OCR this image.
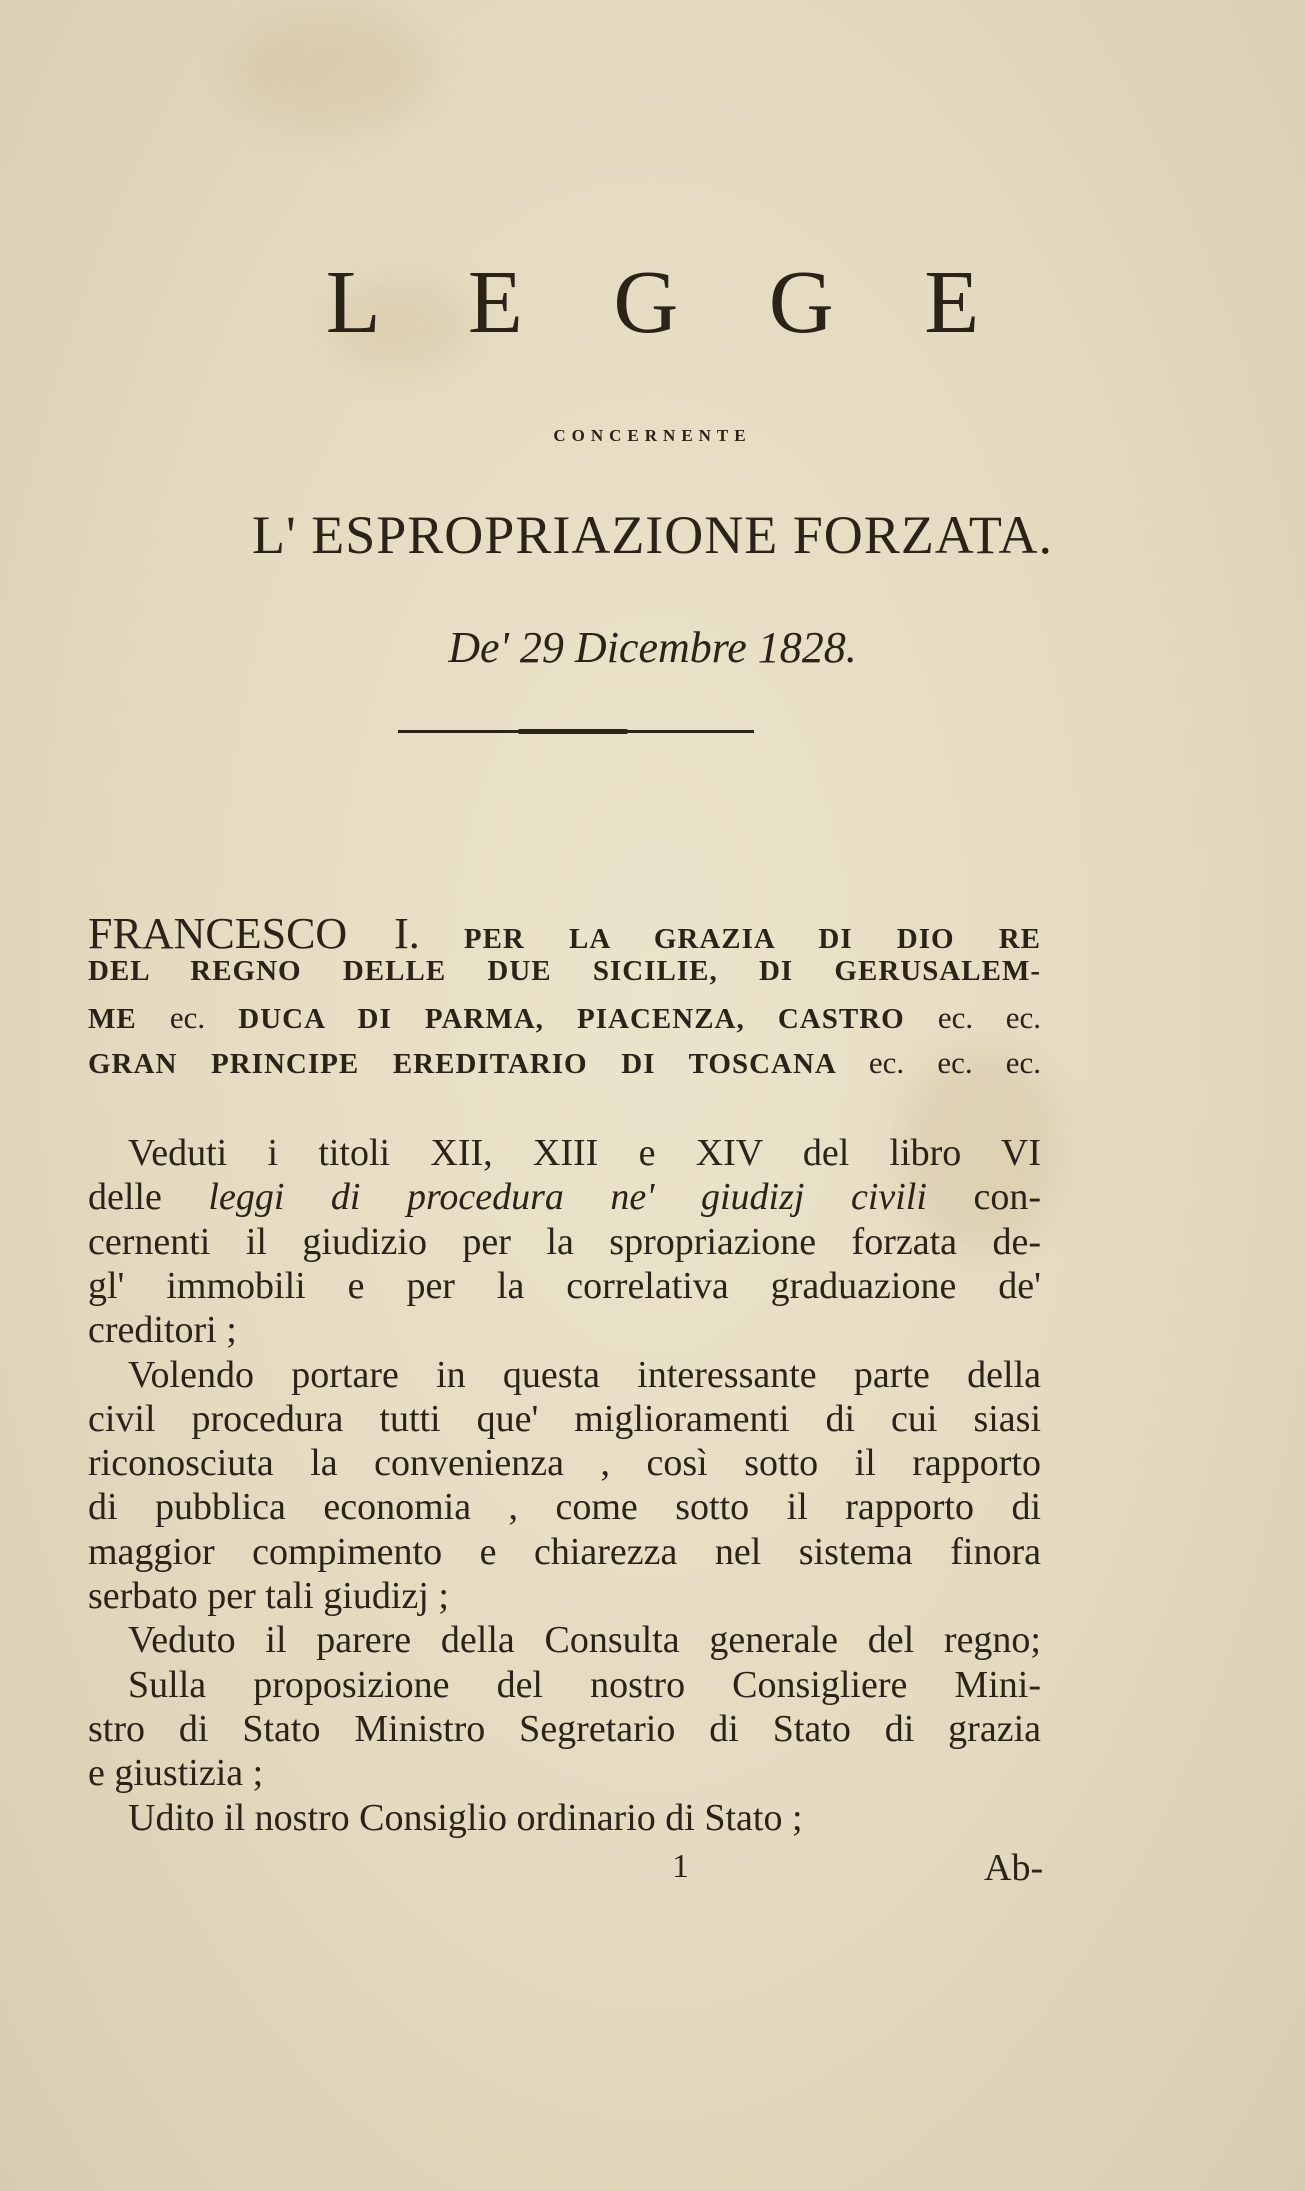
L E G G E
CONCERNENTE
L' ESPROPRIAZIONE FORZATA.
De' 29 Dicembre 1828.
FRANCESCO I. PER LA GRAZIA DI DIO RE
DEL REGNO DELLE DUE SICILIE, DI GERUSALEM-
ME ec. DUCA DI PARMA, PIACENZA, CASTRO ec. ec.
GRAN PRINCIPE EREDITARIO DI TOSCANA ec. ec. ec.
Veduti i titoli XII, XIII e XIV del libro VI
delle leggi di procedura ne' giudizj civili con-
cernenti il giudizio per la spropriazione forzata de-
gl' immobili e per la correlativa graduazione de'
creditori ;
Volendo portare in questa interessante parte della
civil procedura tutti que' miglioramenti di cui siasi
riconosciuta la convenienza , così sotto il rapporto
di pubblica economia , come sotto il rapporto di
maggior compimento e chiarezza nel sistema finora
serbato per tali giudizj ;
Veduto il parere della Consulta generale del regno;
Sulla proposizione del nostro Consigliere Mini-
stro di Stato Ministro Segretario di Stato di grazia
e giustizia ;
Udito il nostro Consiglio ordinario di Stato ;
1	Ab-
